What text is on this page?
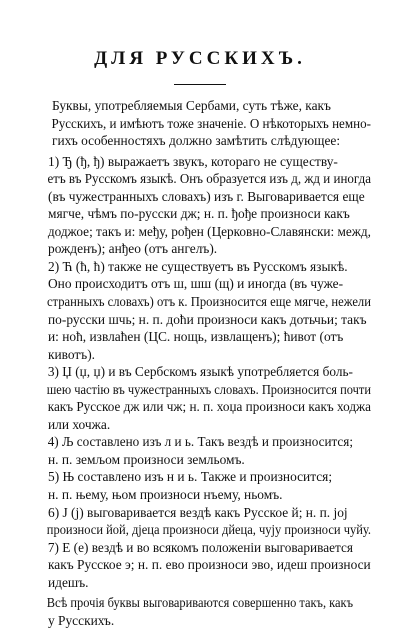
ДЛЯ РУССКИХЪ.

Буквы, употребляемыя Сербами, суть тѣже, какъ
Русскихъ, и имѣютъ тоже значеніе. О нѣкоторыхъ немно-
гихъ особенностяхъ должно замѣтить слѣдующее:

1) Ђ (ђ, ђ) выражаетъ звукъ, котораго не существу-
етъ въ Русскомъ языкѣ. Онъ образуется изъ д, жд и иногда
(въ чужестранныхъ словахъ) изъ г. Выговаривается еще
мягче, чѣмъ по-русски дж; н. п. ђође произноси какъ
доджое; такъ и: међу, рођен (Церковно-Славянски: межд,
рожденъ); анђео (отъ ангелъ).

2) Ћ (ћ, ћ) также не существуетъ въ Русскомъ языкѣ.
Оно происходитъ отъ ш, шш (щ) и иногда (въ чуже-
странныхъ словахъ) отъ к. Произносится еще мягче, нежели
по-русски шчь; н. п. доћи произноси какъ дотьчьи; такъ
и: ноћ, извлаћен (ЦС. нощь, извлащенъ); ћивот (отъ
кивотъ).

3) Џ (џ, џ) и въ Сербскомъ языкѣ употребляется боль-
шею частію въ чужестранныхъ словахъ. Произносится почти
какъ Русское дж или чж; н. п. хоџа произноси какъ ходжа
или хочжа.

4) Љ составлено изъ л и ь. Такъ вездѣ и произносится;
н. п. земљом произноси земльомъ.

5) Њ составлено изъ н и ь. Также и произносится;
н. п. њему, њом произноси нъему, ньомъ.

6) J (j) выговаривается вездѣ какъ Русское й; н. п. јој
произноси йой, дјеца произноси дйеца, чују произноси чуйу.

7) Е (е) вездѣ и во всякомъ положеніи выговаривается
какъ Русское э; н. п. ево произноси эво, идеш произноси
идешъ.

Всѣ прочія буквы выговариваются совершенно такъ, какъ
у Русскихъ.
